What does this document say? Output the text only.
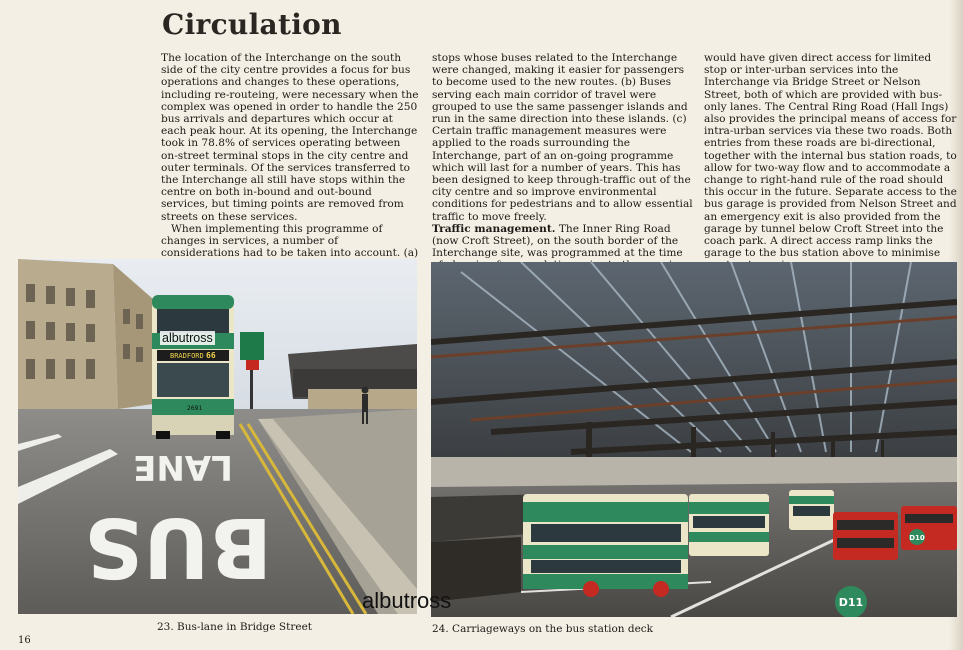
Circulation

The location of the Interchange on the south side of the city centre provides a focus for bus operations and changes to these operations, including re-routeing, were necessary when the complex was opened in order to handle the 250 bus arrivals and departures which occur at each peak hour. At its opening, the Interchange took in 78.8% of services operating between on-street terminal stops in the city centre and outer terminals. Of the services transferred to the Interchange all still have stops within the centre on both in-bound and out-bound services, but timing points are removed from streets on these services.

When implementing this programme of changes in services, a number of considerations had to be taken into account. (a)

stops whose buses related to the Interchange were changed, making it easier for passengers to become used to the new routes. (b) Buses serving each main corridor of travel were grouped to use the same passenger islands and run in the same direction into these islands. (c) Certain traffic management measures were applied to the roads surrounding the Interchange, part of an on-going programme which will last for a number of years. This has been designed to keep through-traffic out of the city centre and so improve environmental conditions for pedestrians and to allow essential traffic to move freely.

Traffic management. The Inner Ring Road (now Croft Street), on the south border of the Interchange site, was programmed at the time

would have given direct access for limited stop or inter-urban services into the Interchange via Bridge Street or Nelson Street, both of which are provided with bus-only lanes. The Central Ring Road (Hall Ings) also provides the principal means of access for intra-urban services via these two roads. Both entries from these roads are bi-directional, together with the internal bus station roads, to allow for two-way flow and to accommodate a change to right-hand rule of the road should this occur in the future. Separate access to the bus garage is provided from Nelson Street and an emergency exit is also provided from the garage by tunnel below Croft Street into the coach park. A direct access ramp links the garage to the bus station above to minimise

LANE
BUS
BRADFORD 66
2691
albutross
D10
D11
albutross
23. Bus-lane in Bridge Street	24. Carriageways on the bus station deck
16
